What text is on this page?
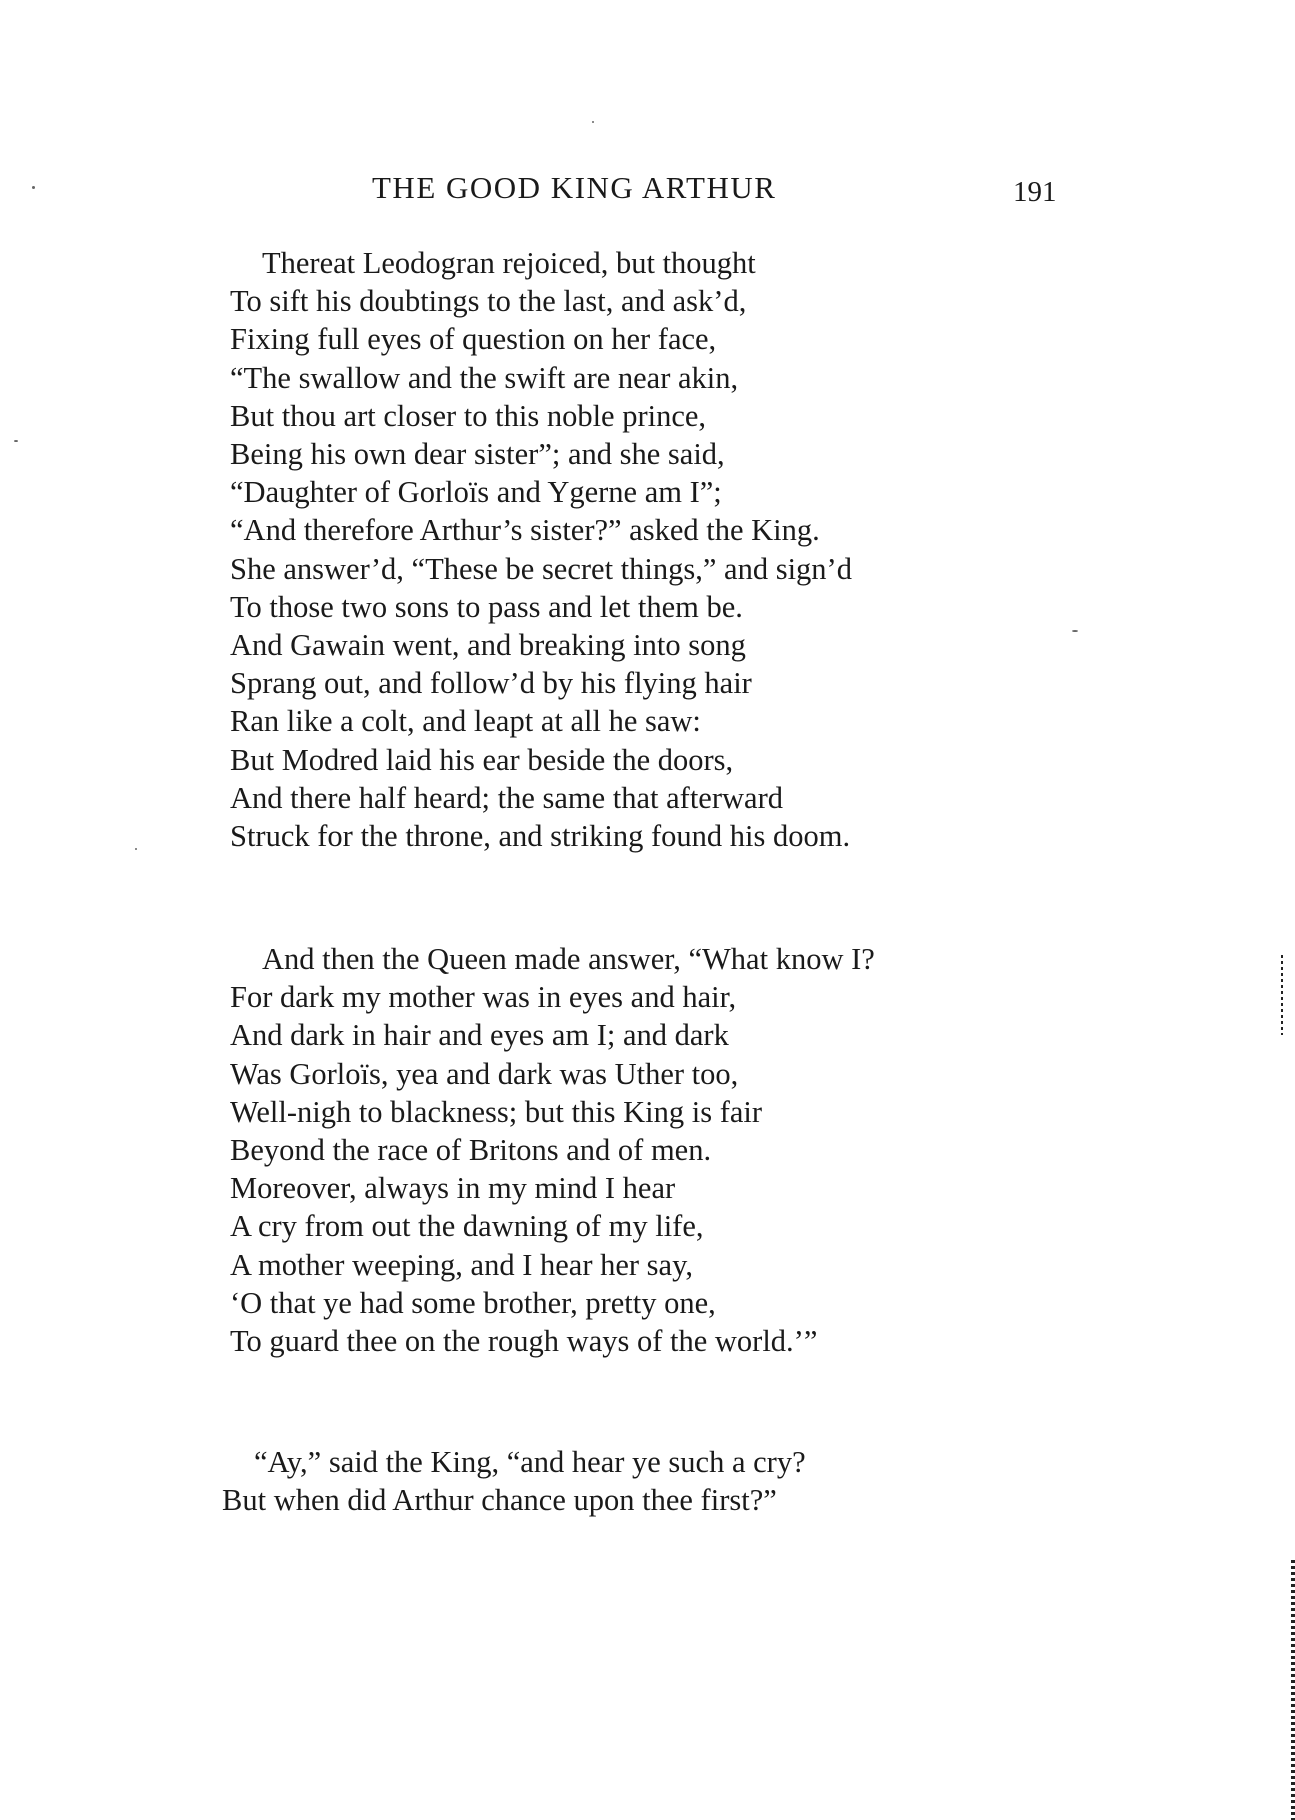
THE GOOD KING ARTHUR	191
Thereat Leodogran rejoiced, but thought
To sift his doubtings to the last, and ask’d,
Fixing full eyes of question on her face,
“The swallow and the swift are near akin,
But thou art closer to this noble prince,
Being his own dear sister”; and she said,
“Daughter of Gorloïs and Ygerne am I”;
“And therefore Arthur’s sister?” asked the King.
She answer’d, “These be secret things,” and sign’d
To those two sons to pass and let them be.
And Gawain went, and breaking into song
Sprang out, and follow’d by his flying hair
Ran like a colt, and leapt at all he saw:
But Modred laid his ear beside the doors,
And there half heard; the same that afterward
Struck for the throne, and striking found his doom.
And then the Queen made answer, “What know I?
For dark my mother was in eyes and hair,
And dark in hair and eyes am I; and dark
Was Gorloïs, yea and dark was Uther too,
Well-nigh to blackness; but this King is fair
Beyond the race of Britons and of men.
Moreover, always in my mind I hear
A cry from out the dawning of my life,
A mother weeping, and I hear her say,
‘O that ye had some brother, pretty one,
To guard thee on the rough ways of the world.’”
“Ay,” said the King, “and hear ye such a cry?
But when did Arthur chance upon thee first?”
